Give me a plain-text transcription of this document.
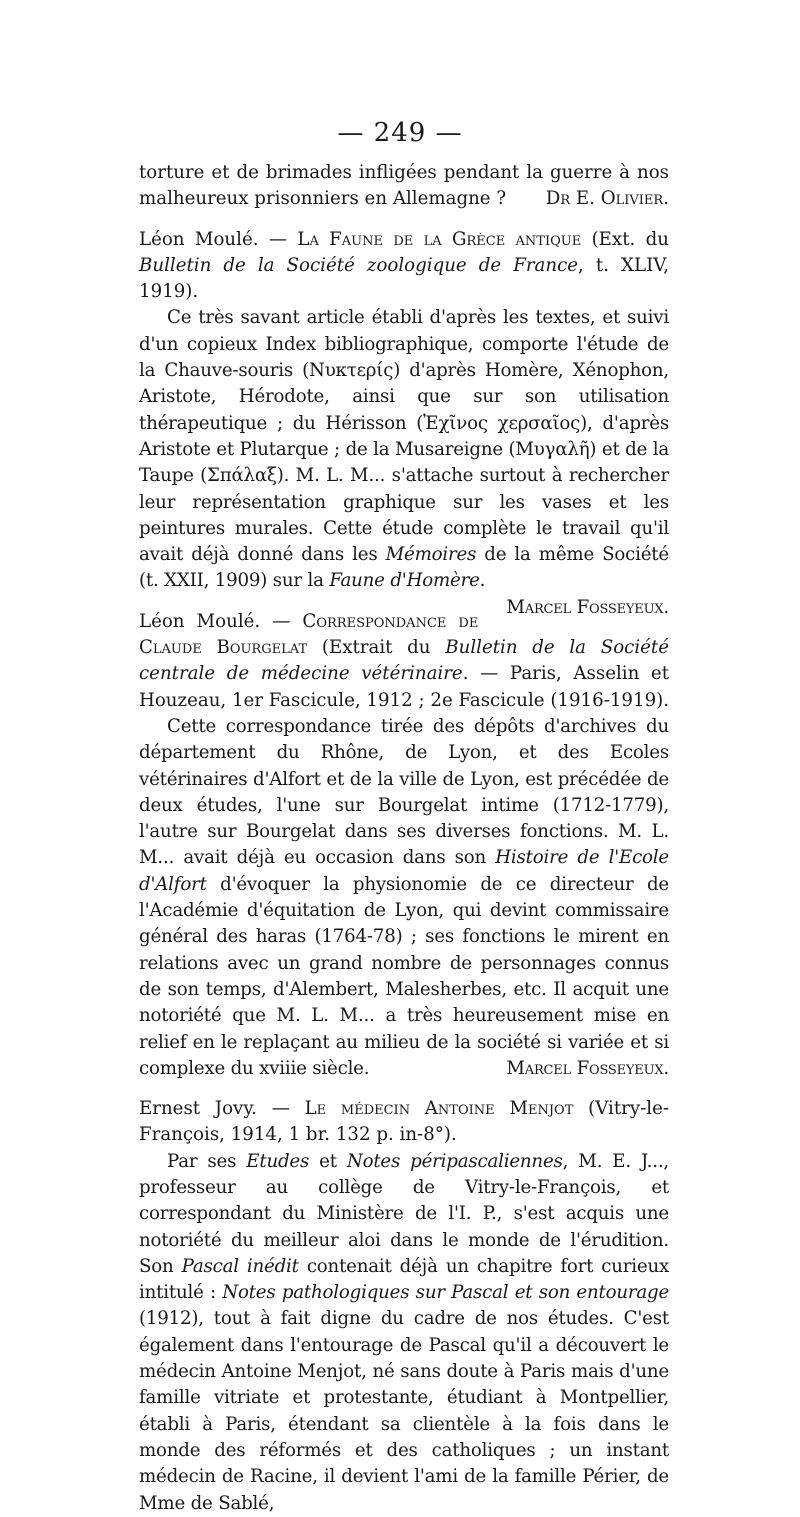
— 249 —

torture et de brimades infligées pendant la guerre à nos malheureux prisonniers en Allemagne ? Dr E. Olivier.

Léon Moulé. — La Faune de la Grèce antique (Ext. du Bulletin de la Société zoologique de France, t. XLIV, 1919).

Ce très savant article établi d'après les textes, et suivi d'un copieux Index bibliographique, comporte l'étude de la Chauve-souris (Νυκτερίς) d'après Homère, Xénophon, Aristote, Hérodote, ainsi que sur son utilisation thérapeutique ; du Hérisson (Ἐχῖνος χερσαῖος), d'après Aristote et Plutarque ; de la Musareigne (Μυγαλῆ) et de la Taupe (Σπάλαξ). M. L. M... s'attache surtout à rechercher leur représentation graphique sur les vases et les peintures murales. Cette étude complète le travail qu'il avait déjà donné dans les Mémoires de la même Société (t. XXII, 1909) sur la Faune d'Homère.
Marcel Fosseyeux.

Léon Moulé. — Correspondance de Claude Bourgelat (Extrait du Bulletin de la Société centrale de médecine vétérinaire. — Paris, Asselin et Houzeau, 1er Fascicule, 1912 ; 2e Fascicule (1916-1919).

Cette correspondance tirée des dépôts d'archives du département du Rhône, de Lyon, et des Ecoles vétérinaires d'Alfort et de la ville de Lyon, est précédée de deux études, l'une sur Bourgelat intime (1712-1779), l'autre sur Bourgelat dans ses diverses fonctions. M. L. M... avait déjà eu occasion dans son Histoire de l'Ecole d'Alfort d'évoquer la physionomie de ce directeur de l'Académie d'équitation de Lyon, qui devint commissaire général des haras (1764-78) ; ses fonctions le mirent en relations avec un grand nombre de personnages connus de son temps, d'Alembert, Malesherbes, etc. Il acquit une notoriété que M. L. M... a très heureusement mise en relief en le replaçant au milieu de la société si variée et si complexe du xviiie siècle.	Marcel Fosseyeux.

Ernest Jovy. — Le médecin Antoine Menjot (Vitry-le-François, 1914, 1 br. 132 p. in-8°).

Par ses Etudes et Notes péripascaliennes, M. E. J..., professeur au collège de Vitry-le-François, et correspondant du Ministère de l'I. P., s'est acquis une notoriété du meilleur aloi dans le monde de l'érudition. Son Pascal inédit contenait déjà un chapitre fort curieux intitulé : Notes pathologiques sur Pascal et son entourage (1912), tout à fait digne du cadre de nos études. C'est également dans l'entourage de Pascal qu'il a découvert le médecin Antoine Menjot, né sans doute à Paris mais d'une famille vitriate et protestante, étudiant à Montpellier, établi à Paris, étendant sa clientèle à la fois dans le monde des réformés et des catholiques ; un instant médecin de Racine, il devient l'ami de la famille Périer, de Mme de Sablé,
